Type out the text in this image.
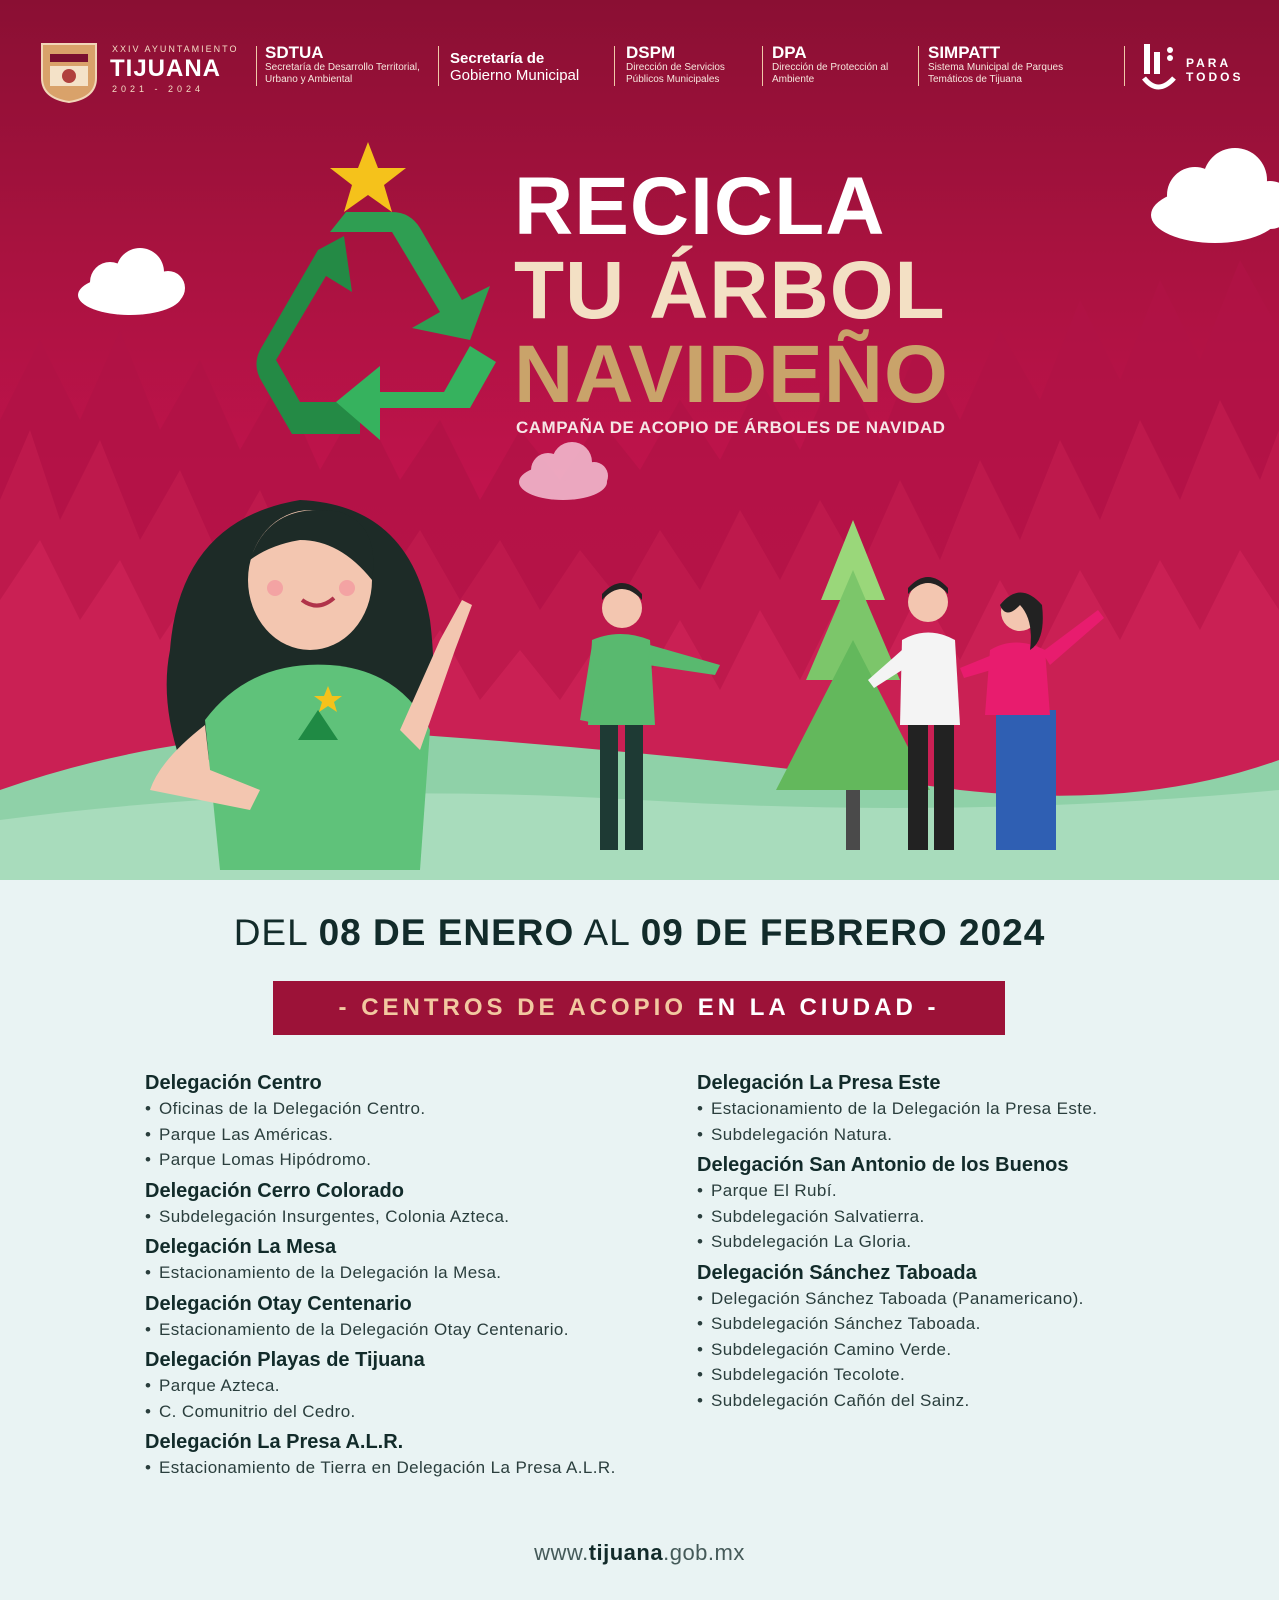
XXIV AYUNTAMIENTO
TIJUANA
2021 - 2024
SDTUA
Secretaría de Desarrollo Territorial, Urbano y Ambiental
Secretaría de
Gobierno Municipal
DSPM
Dirección de Servicios Públicos Municipales
DPA
Dirección de Protección al Ambiente
SIMPATT
Sistema Municipal de Parques Temáticos de Tijuana
PARA
TODOS
RECICLA
TU ÁRBOL
NAVIDEÑO
CAMPAÑA DE ACOPIO DE ÁRBOLES DE NAVIDAD
DEL 08 DE ENERO AL 09 DE FEBRERO 2024
- CENTROS DE ACOPIO EN LA CIUDAD -
Delegación Centro
• Oficinas de la Delegación Centro.
• Parque Las Américas.
• Parque Lomas Hipódromo.
Delegación Cerro Colorado
• Subdelegación Insurgentes, Colonia Azteca.
Delegación La Mesa
• Estacionamiento de la Delegación la Mesa.
Delegación Otay Centenario
• Estacionamiento de la Delegación Otay Centenario.
Delegación Playas de Tijuana
• Parque Azteca.
• C. Comunitrio del Cedro.
Delegación La Presa A.L.R.
• Estacionamiento de Tierra en Delegación La Presa A.L.R.
Delegación La Presa Este
• Estacionamiento de la Delegación la Presa Este.
• Subdelegación Natura.
Delegación San Antonio de los Buenos
• Parque El Rubí.
• Subdelegación Salvatierra.
• Subdelegación La Gloria.
Delegación Sánchez Taboada
• Delegación Sánchez Taboada (Panamericano).
• Subdelegación Sánchez Taboada.
• Subdelegación Camino Verde.
• Subdelegación Tecolote.
• Subdelegación Cañón del Sainz.
www.tijuana.gob.mx
